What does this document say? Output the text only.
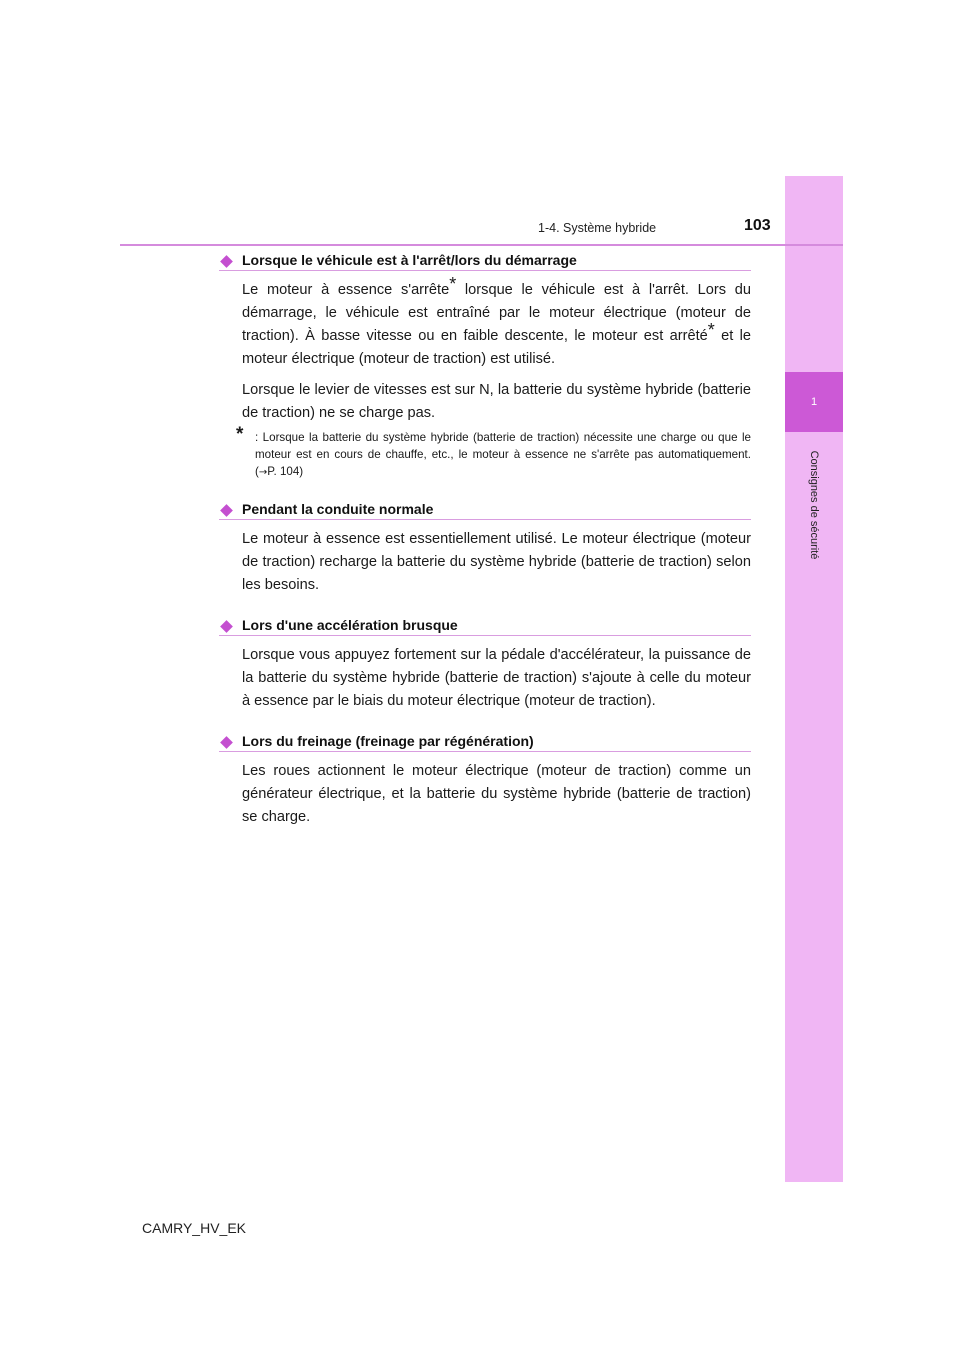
1
Consignes de sécurité
1-4. Système hybride	103
Lorsque le véhicule est à l'arrêt/lors du démarrage

Le moteur à essence s'arrête* lorsque le véhicule est à l'arrêt. Lors du démarrage, le véhicule est entraîné par le moteur électrique (moteur de traction). À basse vitesse ou en faible descente, le moteur est arrêté* et le moteur électrique (moteur de traction) est utilisé.

Lorsque le levier de vitesses est sur N, la batterie du système hybride (batterie de traction) ne se charge pas.

* : Lorsque la batterie du système hybride (batterie de traction) nécessite une charge ou que le moteur est en cours de chauffe, etc., le moteur à essence ne s'arrête pas automatiquement. (→P. 104)
Pendant la conduite normale

Le moteur à essence est essentiellement utilisé. Le moteur électrique (moteur de traction) recharge la batterie du système hybride (batterie de traction) selon les besoins.

Lors d'une accélération brusque

Lorsque vous appuyez fortement sur la pédale d'accélérateur, la puissance de la batterie du système hybride (batterie de traction) s'ajoute à celle du moteur à essence par le biais du moteur électrique (moteur de traction).

Lors du freinage (freinage par régénération)

Les roues actionnent le moteur électrique (moteur de traction) comme un générateur électrique, et la batterie du système hybride (batterie de traction) se charge.

CAMRY_HV_EK
